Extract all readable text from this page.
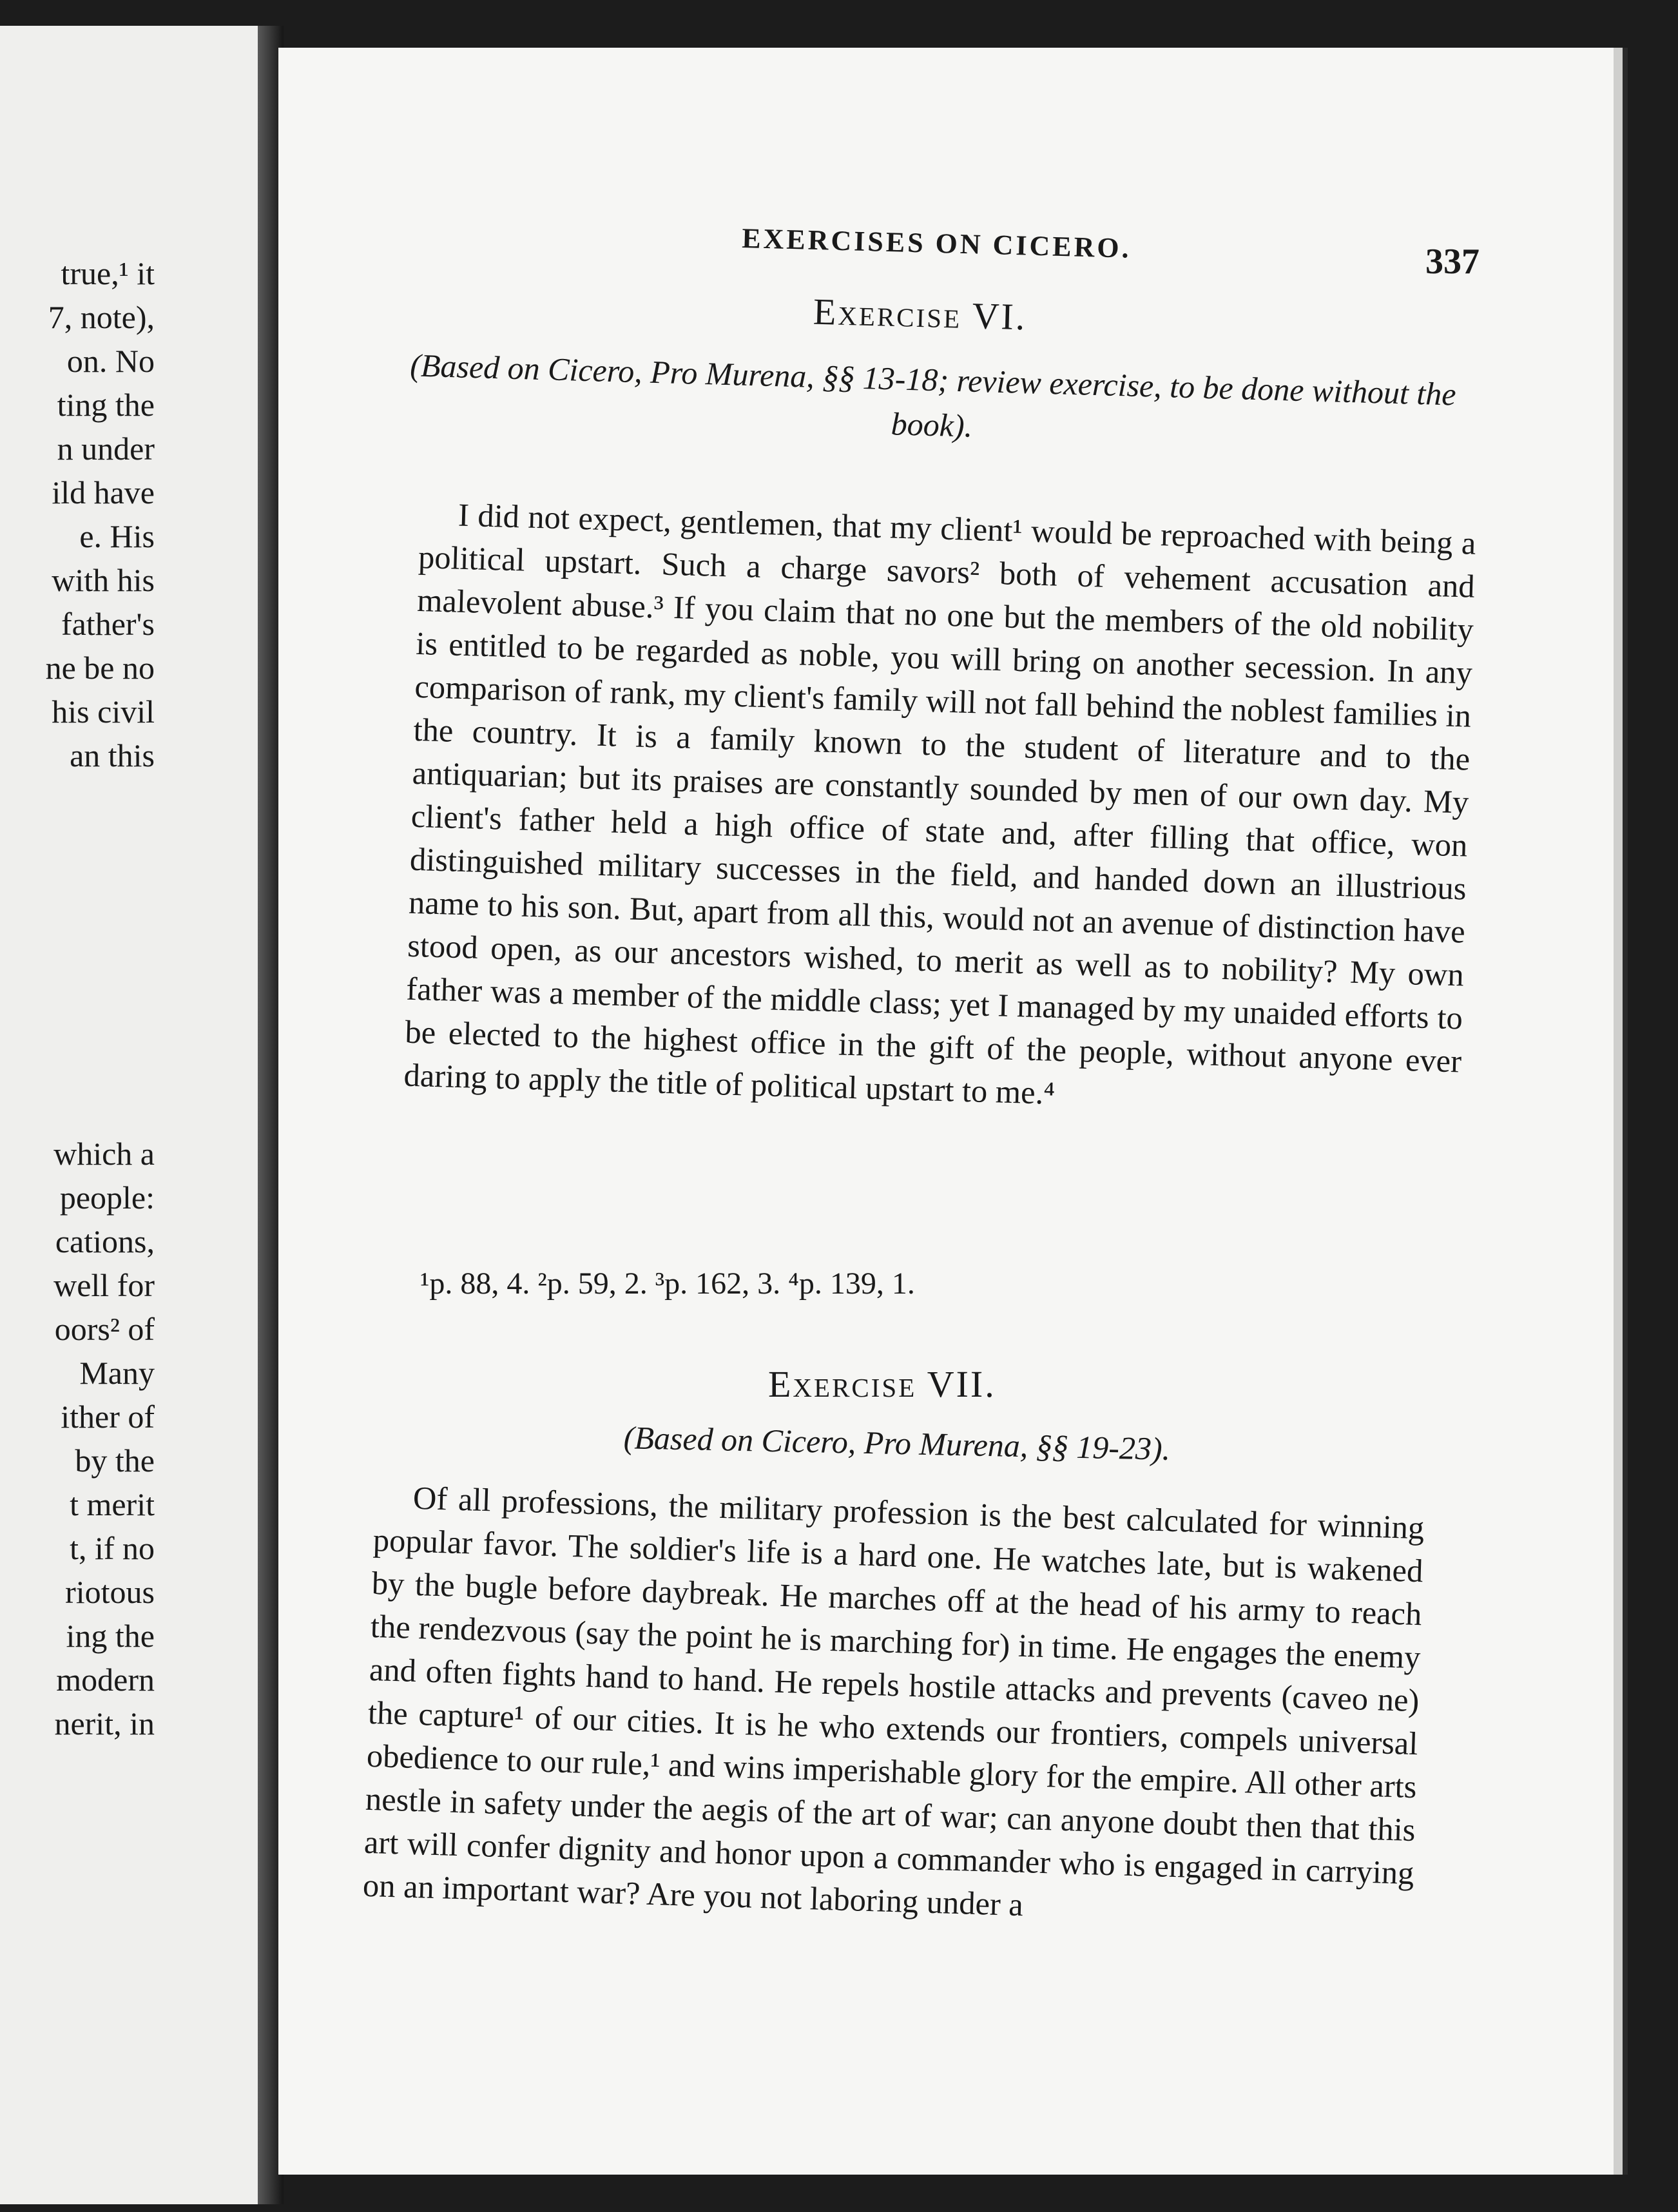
true,¹ it

7, note),

on. No

ting the

n under

ild have

e. His

with his

father's

ne be no

his civil

an this

which a

people:

cations,

well for

oors² of

Many

ither of

by the

t merit

t, if no

riotous

ing the

modern

nerit, in

EXERCISES ON CICERO.	337

Exercise VI.

(Based on Cicero, Pro Murena, §§ 13-18; review exercise, to be done without the book).

I did not expect, gentlemen, that my client¹ would be reproached with being a political upstart. Such a charge savors² both of vehement accusation and malevolent abuse.³ If you claim that no one but the members of the old nobility is entitled to be regarded as noble, you will bring on another secession. In any comparison of rank, my client's family will not fall behind the noblest families in the country. It is a family known to the student of literature and to the antiquarian; but its praises are constantly sounded by men of our own day. My client's father held a high office of state and, after filling that office, won distinguished military successes in the field, and handed down an illustrious name to his son. But, apart from all this, would not an avenue of distinction have stood open, as our ancestors wished, to merit as well as to nobility? My own father was a member of the middle class; yet I managed by my unaided efforts to be elected to the highest office in the gift of the people, without anyone ever daring to apply the title of political upstart to me.⁴

¹p. 88, 4. ²p. 59, 2. ³p. 162, 3. ⁴p. 139, 1.

Exercise VII.

(Based on Cicero, Pro Murena, §§ 19-23).

Of all professions, the military profession is the best calculated for winning popular favor. The soldier's life is a hard one. He watches late, but is wakened by the bugle before daybreak. He marches off at the head of his army to reach the rendezvous (say the point he is marching for) in time. He engages the enemy and often fights hand to hand. He repels hostile attacks and prevents (caveo ne) the capture¹ of our cities. It is he who extends our frontiers, compels universal obedience to our rule,¹ and wins imperishable glory for the empire. All other arts nestle in safety under the aegis of the art of war; can anyone doubt then that this art will confer dignity and honor upon a commander who is engaged in carrying on an important war? Are you not laboring under a
